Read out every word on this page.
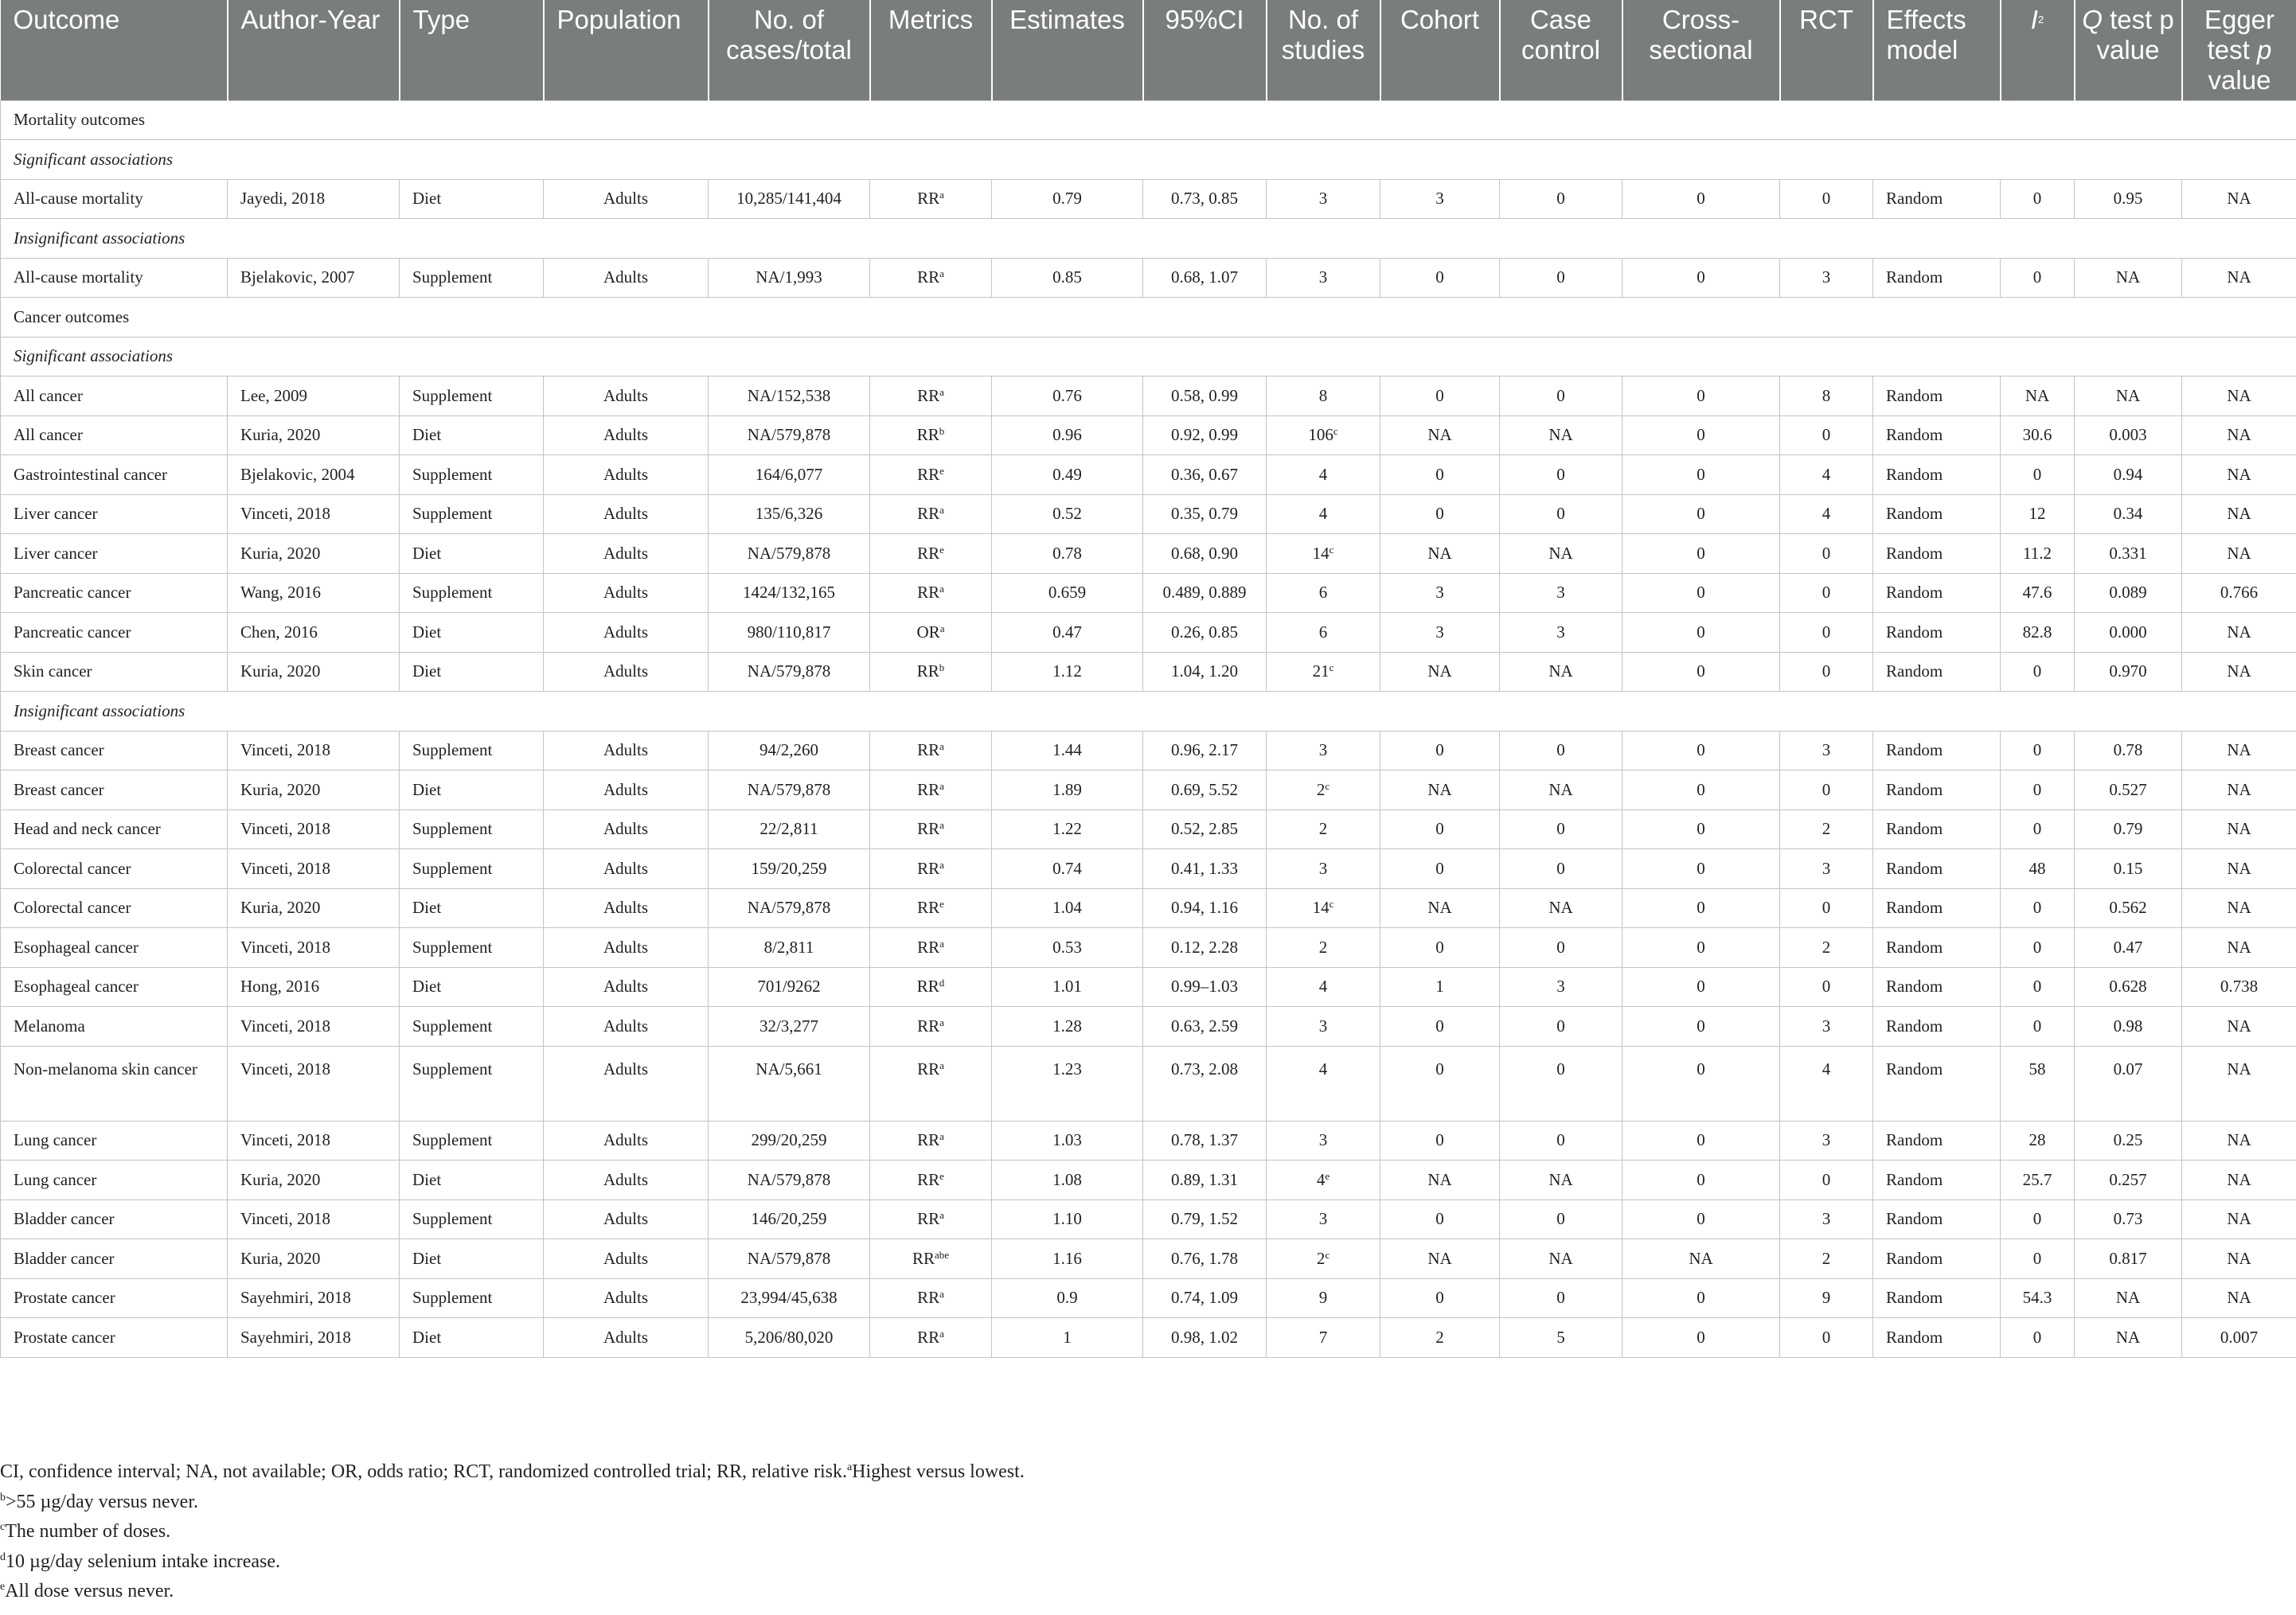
Outcome	Author-Year	Type	Population	No. of cases/total	Metrics	Estimates	95%CI	No. of studies	Cohort	Case control	Cross-sectional	RCT	Effects model	$I^2$	Q test p value	Egger test p value
Mortality outcomes																
Significant associations																
All-cause mortality	Jayedi, 2018	Diet	Adults	10,285/141,404	$RR^a$	0.79	0.73, 0.85	3	3	0	0	0	Random	0	0.95	NA
Insignificant associations																
All-cause mortality	Bjelakovic, 2007	Supplement	Adults	NA/1,993	$RR^a$	0.85	0.68, 1.07	3	0	0	0	3	Random	0	NA	NA
Cancer outcomes																
Significant associations																
All cancer	Lee, 2009	Supplement	Adults	NA/152,538	$RR^a$	0.76	0.58, 0.99	8	0	0	0	8	Random	NA	NA	NA
All cancer	Kuria, 2020	Diet	Adults	NA/579,878	$RR^b$	0.96	0.92, 0.99	106$^c$	NA	NA	0	0	Random	30.6	0.003	NA
Gastrointestinal cancer	Bjelakovic, 2004	Supplement	Adults	164/6,077	$RR^e$	0.49	0.36, 0.67	4	0	0	0	4	Random	0	0.94	NA
Liver cancer	Vinceti, 2018	Supplement	Adults	135/6,326	$RR^a$	0.52	0.35, 0.79	4	0	0	0	4	Random	12	0.34	NA
Liver cancer	Kuria, 2020	Diet	Adults	NA/579,878	$RR^e$	0.78	0.68, 0.90	14$^c$	NA	NA	0	0	Random	11.2	0.331	NA
Pancreatic cancer	Wang, 2016	Supplement	Adults	1424/132,165	$RR^a$	0.659	0.489, 0.889	6	3	3	0	0	Random	47.6	0.089	0.766
Pancreatic cancer	Chen, 2016	Diet	Adults	980/110,817	$OR^a$	0.47	0.26, 0.85	6	3	3	0	0	Random	82.8	0.000	NA
Skin cancer	Kuria, 2020	Diet	Adults	NA/579,878	$RR^b$	1.12	1.04, 1.20	21$^c$	NA	NA	0	0	Random	0	0.970	NA
Insignificant associations																
Breast cancer	Vinceti, 2018	Supplement	Adults	94/2,260	$RR^a$	1.44	0.96, 2.17	3	0	0	0	3	Random	0	0.78	NA
Breast cancer	Kuria, 2020	Diet	Adults	NA/579,878	$RR^a$	1.89	0.69, 5.52	2$^c$	NA	NA	0	0	Random	0	0.527	NA
Head and neck cancer	Vinceti, 2018	Supplement	Adults	22/2,811	$RR^a$	1.22	0.52, 2.85	2	0	0	0	2	Random	0	0.79	NA
Colorectal cancer	Vinceti, 2018	Supplement	Adults	159/20,259	$RR^a$	0.74	0.41, 1.33	3	0	0	0	3	Random	48	0.15	NA
Colorectal cancer	Kuria, 2020	Diet	Adults	NA/579,878	$RR^e$	1.04	0.94, 1.16	14$^c$	NA	NA	0	0	Random	0	0.562	NA
Esophageal cancer	Vinceti, 2018	Supplement	Adults	8/2,811	$RR^a$	0.53	0.12, 2.28	2	0	0	0	2	Random	0	0.47	NA
Esophageal cancer	Hong, 2016	Diet	Adults	701/9262	$RR^d$	1.01	0.99–1.03	4	1	3	0	0	Random	0	0.628	0.738
Melanoma	Vinceti, 2018	Supplement	Adults	32/3,277	$RR^a$	1.28	0.63, 2.59	3	0	0	0	3	Random	0	0.98	NA
Non-melanoma skin cancer	Vinceti, 2018	Supplement	Adults	NA/5,661	$RR^a$	1.23	0.73, 2.08	4	0	0	0	4	Random	58	0.07	NA
Lung cancer	Vinceti, 2018	Supplement	Adults	299/20,259	$RR^a$	1.03	0.78, 1.37	3	0	0	0	3	Random	28	0.25	NA
Lung cancer	Kuria, 2020	Diet	Adults	NA/579,878	$RR^e$	1.08	0.89, 1.31	4e	NA	NA	0	0	Random	25.7	0.257	NA
Bladder cancer	Vinceti, 2018	Supplement	Adults	146/20,259	$RR^a$	1.10	0.79, 1.52	3	0	0	0	3	Random	0	0.73	NA
Bladder cancer	Kuria, 2020	Diet	Adults	NA/579,878	$RR^{abe}$	1.16	0.76, 1.78	2$^c$	NA	NA	NA	2	Random	0	0.817	NA
Prostate cancer	Sayehmiri, 2018	Supplement	Adults	23,994/45,638	$RR^a$	0.9	0.74, 1.09	9	0	0	0	9	Random	54.3	NA	NA
Prostate cancer	Sayehmiri, 2018	Diet	Adults	5,206/80,020	$RR^a$	1	0.98, 1.02	7	2	5	0	0	Random	0	NA	0.007
CI, confidence interval; NA, not available; OR, odds ratio; RCT, randomized controlled trial; RR, relative risk.$^a$Highest versus lowest.
$^b$>55 µg/day versus never.
$^c$The number of doses.
$^d$10 µg/day selenium intake increase.
$^e$All dose versus never.
